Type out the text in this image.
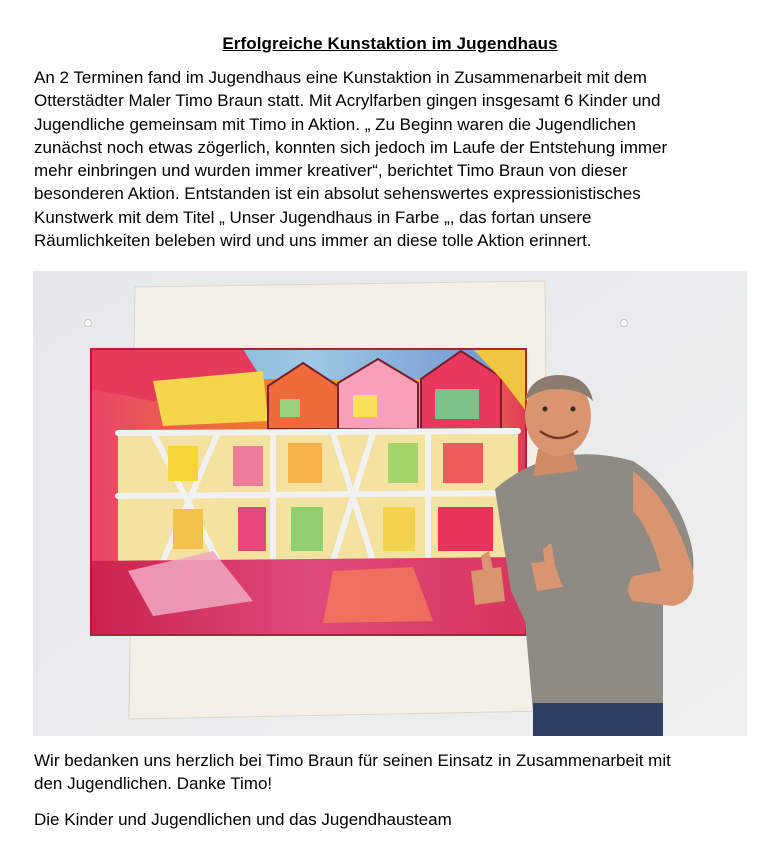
Erfolgreiche Kunstaktion im Jugendhaus
An 2 Terminen fand im Jugendhaus eine Kunstaktion in Zusammenarbeit mit dem
Otterstädter Maler Timo Braun statt. Mit Acrylfarben gingen insgesamt 6 Kinder und
Jugendliche gemeinsam mit Timo in Aktion. „ Zu Beginn waren die Jugendlichen
zunächst noch etwas zögerlich, konnten sich jedoch im Laufe der Entstehung immer
mehr einbringen und wurden immer kreativer“, berichtet Timo Braun von dieser
besonderen Aktion. Entstanden ist ein absolut sehenswertes expressionistisches
Kunstwerk mit dem Titel „ Unser Jugendhaus in Farbe „, das fortan unsere
Räumlichkeiten beleben wird und uns immer an diese tolle Aktion erinnert.
Wir bedanken uns herzlich bei Timo Braun für seinen Einsatz in Zusammenarbeit mit
den Jugendlichen. Danke Timo!
Die Kinder und Jugendlichen und das Jugendhausteam
